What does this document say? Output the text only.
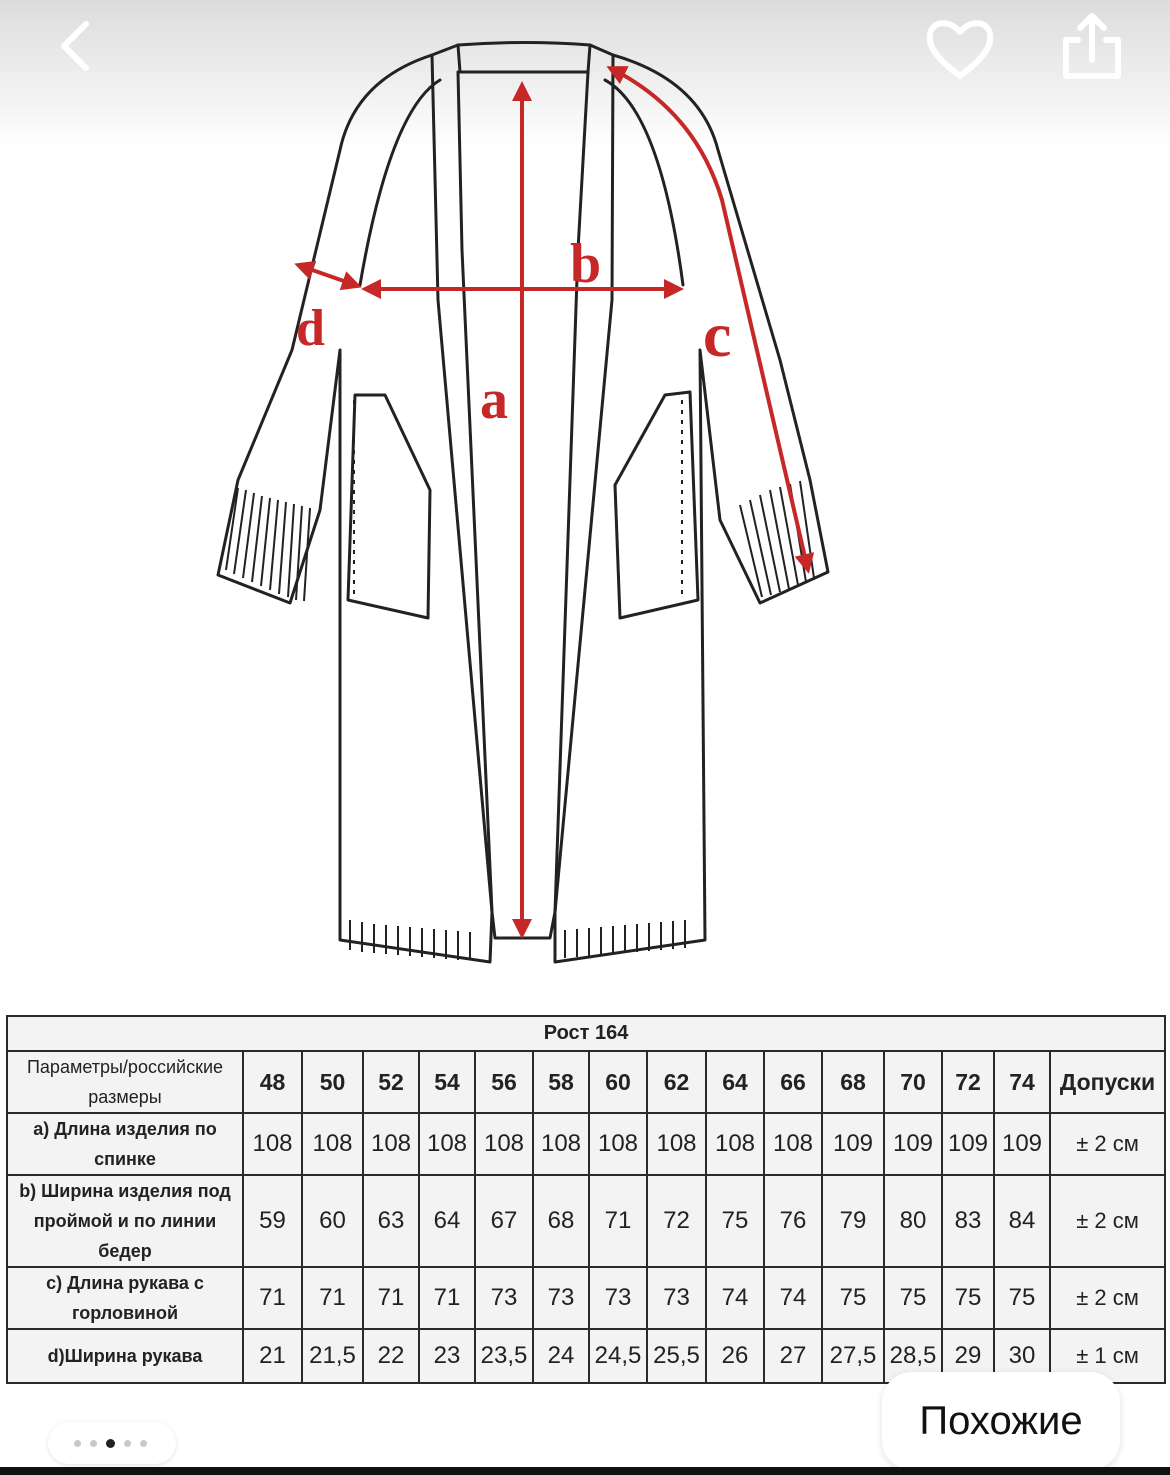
a
b
c
d
Рост 164															
Параметры/российские размеры	48	50	52	54	56	58	60	62	64	66	68	70	72	74	Допуски
а) Длина изделия по спинке	108	108	108	108	108	108	108	108	108	108	109	109	109	109	± 2 см
b) Ширина изделия под проймой и по линии бедер	59	60	63	64	67	68	71	72	75	76	79	80	83	84	± 2 см
с) Длина рукава с горловиной	71	71	71	71	73	73	73	73	74	74	75	75	75	75	± 2 см
d)Ширина рукава	21	21,5	22	23	23,5	24	24,5	25,5	26	27	27,5	28,5	29	30	± 1 см
Похожие
